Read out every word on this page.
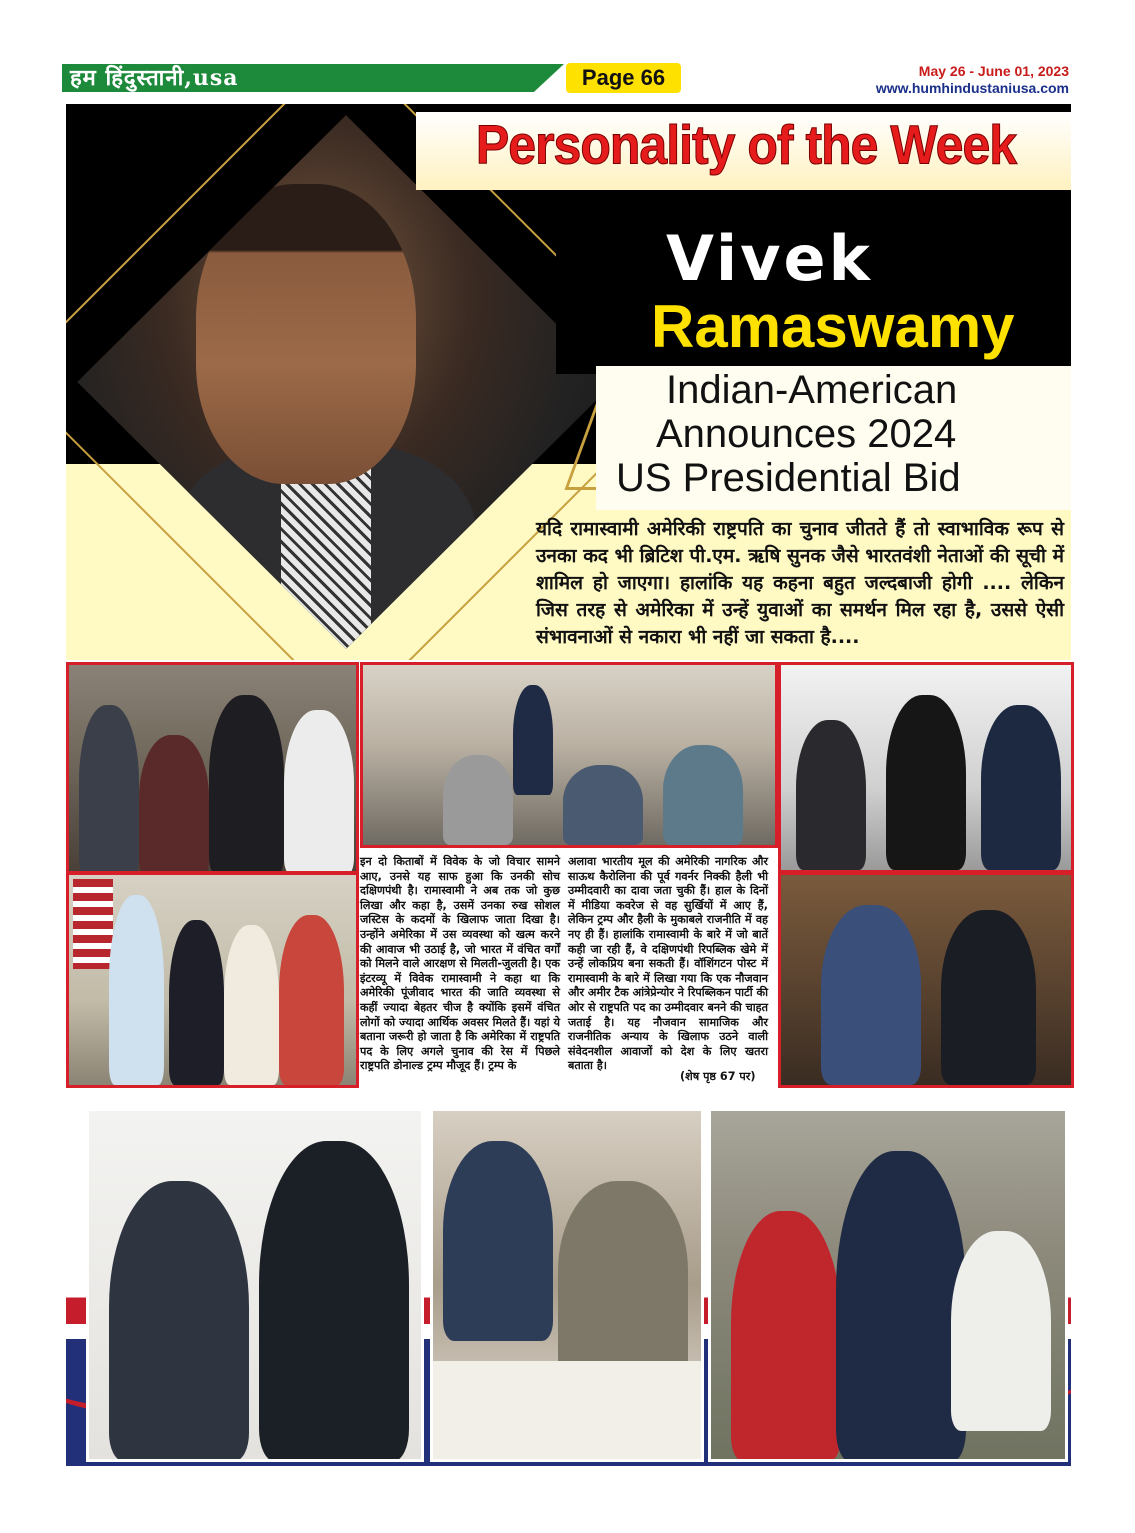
हम हिंदुस्तानी,usa	Page 66	May 26 - June 01, 2023
www.humhindustaniusa.com
Personality of the Week
Vivek
Ramaswamy
Indian-American
Announces 2024
US Presidential Bid
यदि रामास्वामी अमेरिकी राष्ट्रपति का चुनाव जीतते हैं तो स्वाभाविक रूप से उनका कद भी ब्रिटिश पी.एम. ऋषि सुनक जैसे भारतवंशी नेताओं की सूची में शामिल हो जाएगा। हालांकि यह कहना बहुत जल्दबाजी होगी .... लेकिन जिस तरह से अमेरिका में उन्हें युवाओं का समर्थन मिल रहा है, उससे ऐसी संभावनाओं से नकारा भी नहीं जा सकता है....
इन दो किताबों में विवेक के जो विचार सामने आए, उनसे यह साफ हुआ कि उनकी सोच दक्षिणपंथी है। रामास्वामी ने अब तक जो कुछ लिखा और कहा है, उसमें उनका रुख सोशल जस्टिस के कदमों के खिलाफ जाता दिखा है। उन्होंने अमेरिका में उस व्यवस्था को खत्म करने की आवाज भी उठाई है, जो भारत में वंचित वर्गों को मिलने वाले आरक्षण से मिलती-जुलती है। एक इंटरव्यू में विवेक रामास्वामी ने कहा था कि अमेरिकी पूंजीवाद भारत की जाति व्यवस्था से कहीं ज्यादा बेहतर चीज है क्योंकि इसमें वंचित लोगों को ज्यादा आर्थिक अवसर मिलते हैं। यहां ये बताना जरूरी हो जाता है कि अमेरिका में राष्ट्रपति पद के लिए अगले चुनाव की रेस में पिछले राष्ट्रपति डोनाल्ड ट्रम्प मौजूद हैं। ट्रम्प के
अलावा भारतीय मूल की अमेरिकी नागरिक और साऊथ कैरोलिना की पूर्व गवर्नर निक्की हैली भी उम्मीदवारी का दावा जता चुकी हैं। हाल के दिनों में मीडिया कवरेज से वह सुर्खियों में आए हैं, लेकिन ट्रम्प और हैली के मुकाबले राजनीति में वह नए ही हैं। हालांकि रामास्वामी के बारे में जो बातें कही जा रही हैं, वे दक्षिणपंथी रिपब्लिक खेमे में उन्हें लोकप्रिय बना सकती हैं। वॉशिंगटन पोस्ट में रामास्वामी के बारे में लिखा गया कि एक नौजवान और अमीर टैक आंत्रेप्रेन्योर ने रिपब्लिकन पार्टी की ओर से राष्ट्रपति पद का उम्मीदवार बनने की चाहत जताई है। यह नौजवान सामाजिक और राजनीतिक अन्याय के खिलाफ उठने वाली संवेदनशील आवाजों को देश के लिए खतरा बताता है।
(शेष पृष्ठ 67 पर)
